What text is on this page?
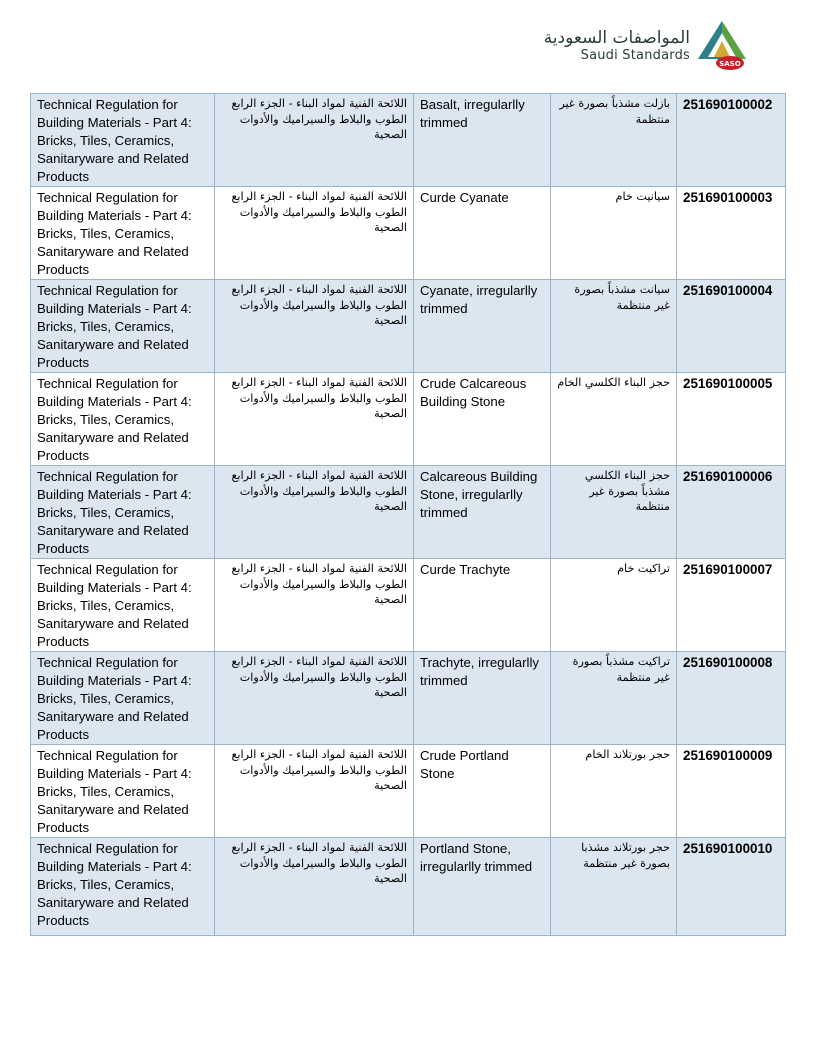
المواصفات السعودية
Saudi Standards
SASO
Technical Regulation for Building Materials - Part 4: Bricks, Tiles, Ceramics, Sanitaryware and Related Products	اللائحة الفنية لمواد البناء - الجزء الرابع الطوب والبلاط والسيراميك والأدوات الصحية	Basalt, irregularlly trimmed	بازلت مشذباً بصورة غير منتظمة	251690100002
Technical Regulation for Building Materials - Part 4: Bricks, Tiles, Ceramics, Sanitaryware and Related Products	اللائحة الفنية لمواد البناء - الجزء الرابع الطوب والبلاط والسيراميك والأدوات الصحية	Curde Cyanate	سيانيت خام	251690100003
Technical Regulation for Building Materials - Part 4: Bricks, Tiles, Ceramics, Sanitaryware and Related Products	اللائحة الفنية لمواد البناء - الجزء الرابع الطوب والبلاط والسيراميك والأدوات الصحية	Cyanate, irregularlly trimmed	سيانت مشذباً بصورة غير منتظمة	251690100004
Technical Regulation for Building Materials - Part 4: Bricks, Tiles, Ceramics, Sanitaryware and Related Products	اللائحة الفنية لمواد البناء - الجزء الرابع الطوب والبلاط والسيراميك والأدوات الصحية	Crude Calcareous Building Stone	حجز البناء الكلسي الخام	251690100005
Technical Regulation for Building Materials - Part 4: Bricks, Tiles, Ceramics, Sanitaryware and Related Products	اللائحة الفنية لمواد البناء - الجزء الرابع الطوب والبلاط والسيراميك والأدوات الصحية	Calcareous Building Stone, irregularlly trimmed	حجز البناء الكلسي مشذباً بصورة غير منتظمة	251690100006
Technical Regulation for Building Materials - Part 4: Bricks, Tiles, Ceramics, Sanitaryware and Related Products	اللائحة الفنية لمواد البناء - الجزء الرابع الطوب والبلاط والسيراميك والأدوات الصحية	Curde Trachyte	تراكيت خام	251690100007
Technical Regulation for Building Materials - Part 4: Bricks, Tiles, Ceramics, Sanitaryware and Related Products	اللائحة الفنية لمواد البناء - الجزء الرابع الطوب والبلاط والسيراميك والأدوات الصحية	Trachyte, irregularlly trimmed	تراكيت مشذباً بصورة غير منتظمة	251690100008
Technical Regulation for Building Materials - Part 4: Bricks, Tiles, Ceramics, Sanitaryware and Related Products	اللائحة الفنية لمواد البناء - الجزء الرابع الطوب والبلاط والسيراميك والأدوات الصحية	Crude Portland Stone	حجر بورتلاند الخام	251690100009
Technical Regulation for Building Materials - Part 4: Bricks, Tiles, Ceramics, Sanitaryware and Related Products	اللائحة الفنية لمواد البناء - الجزء الرابع الطوب والبلاط والسيراميك والأدوات الصحية	Portland Stone, irregularlly trimmed	حجر بورتلاند مشذبا بصورة غير منتظمة	251690100010
